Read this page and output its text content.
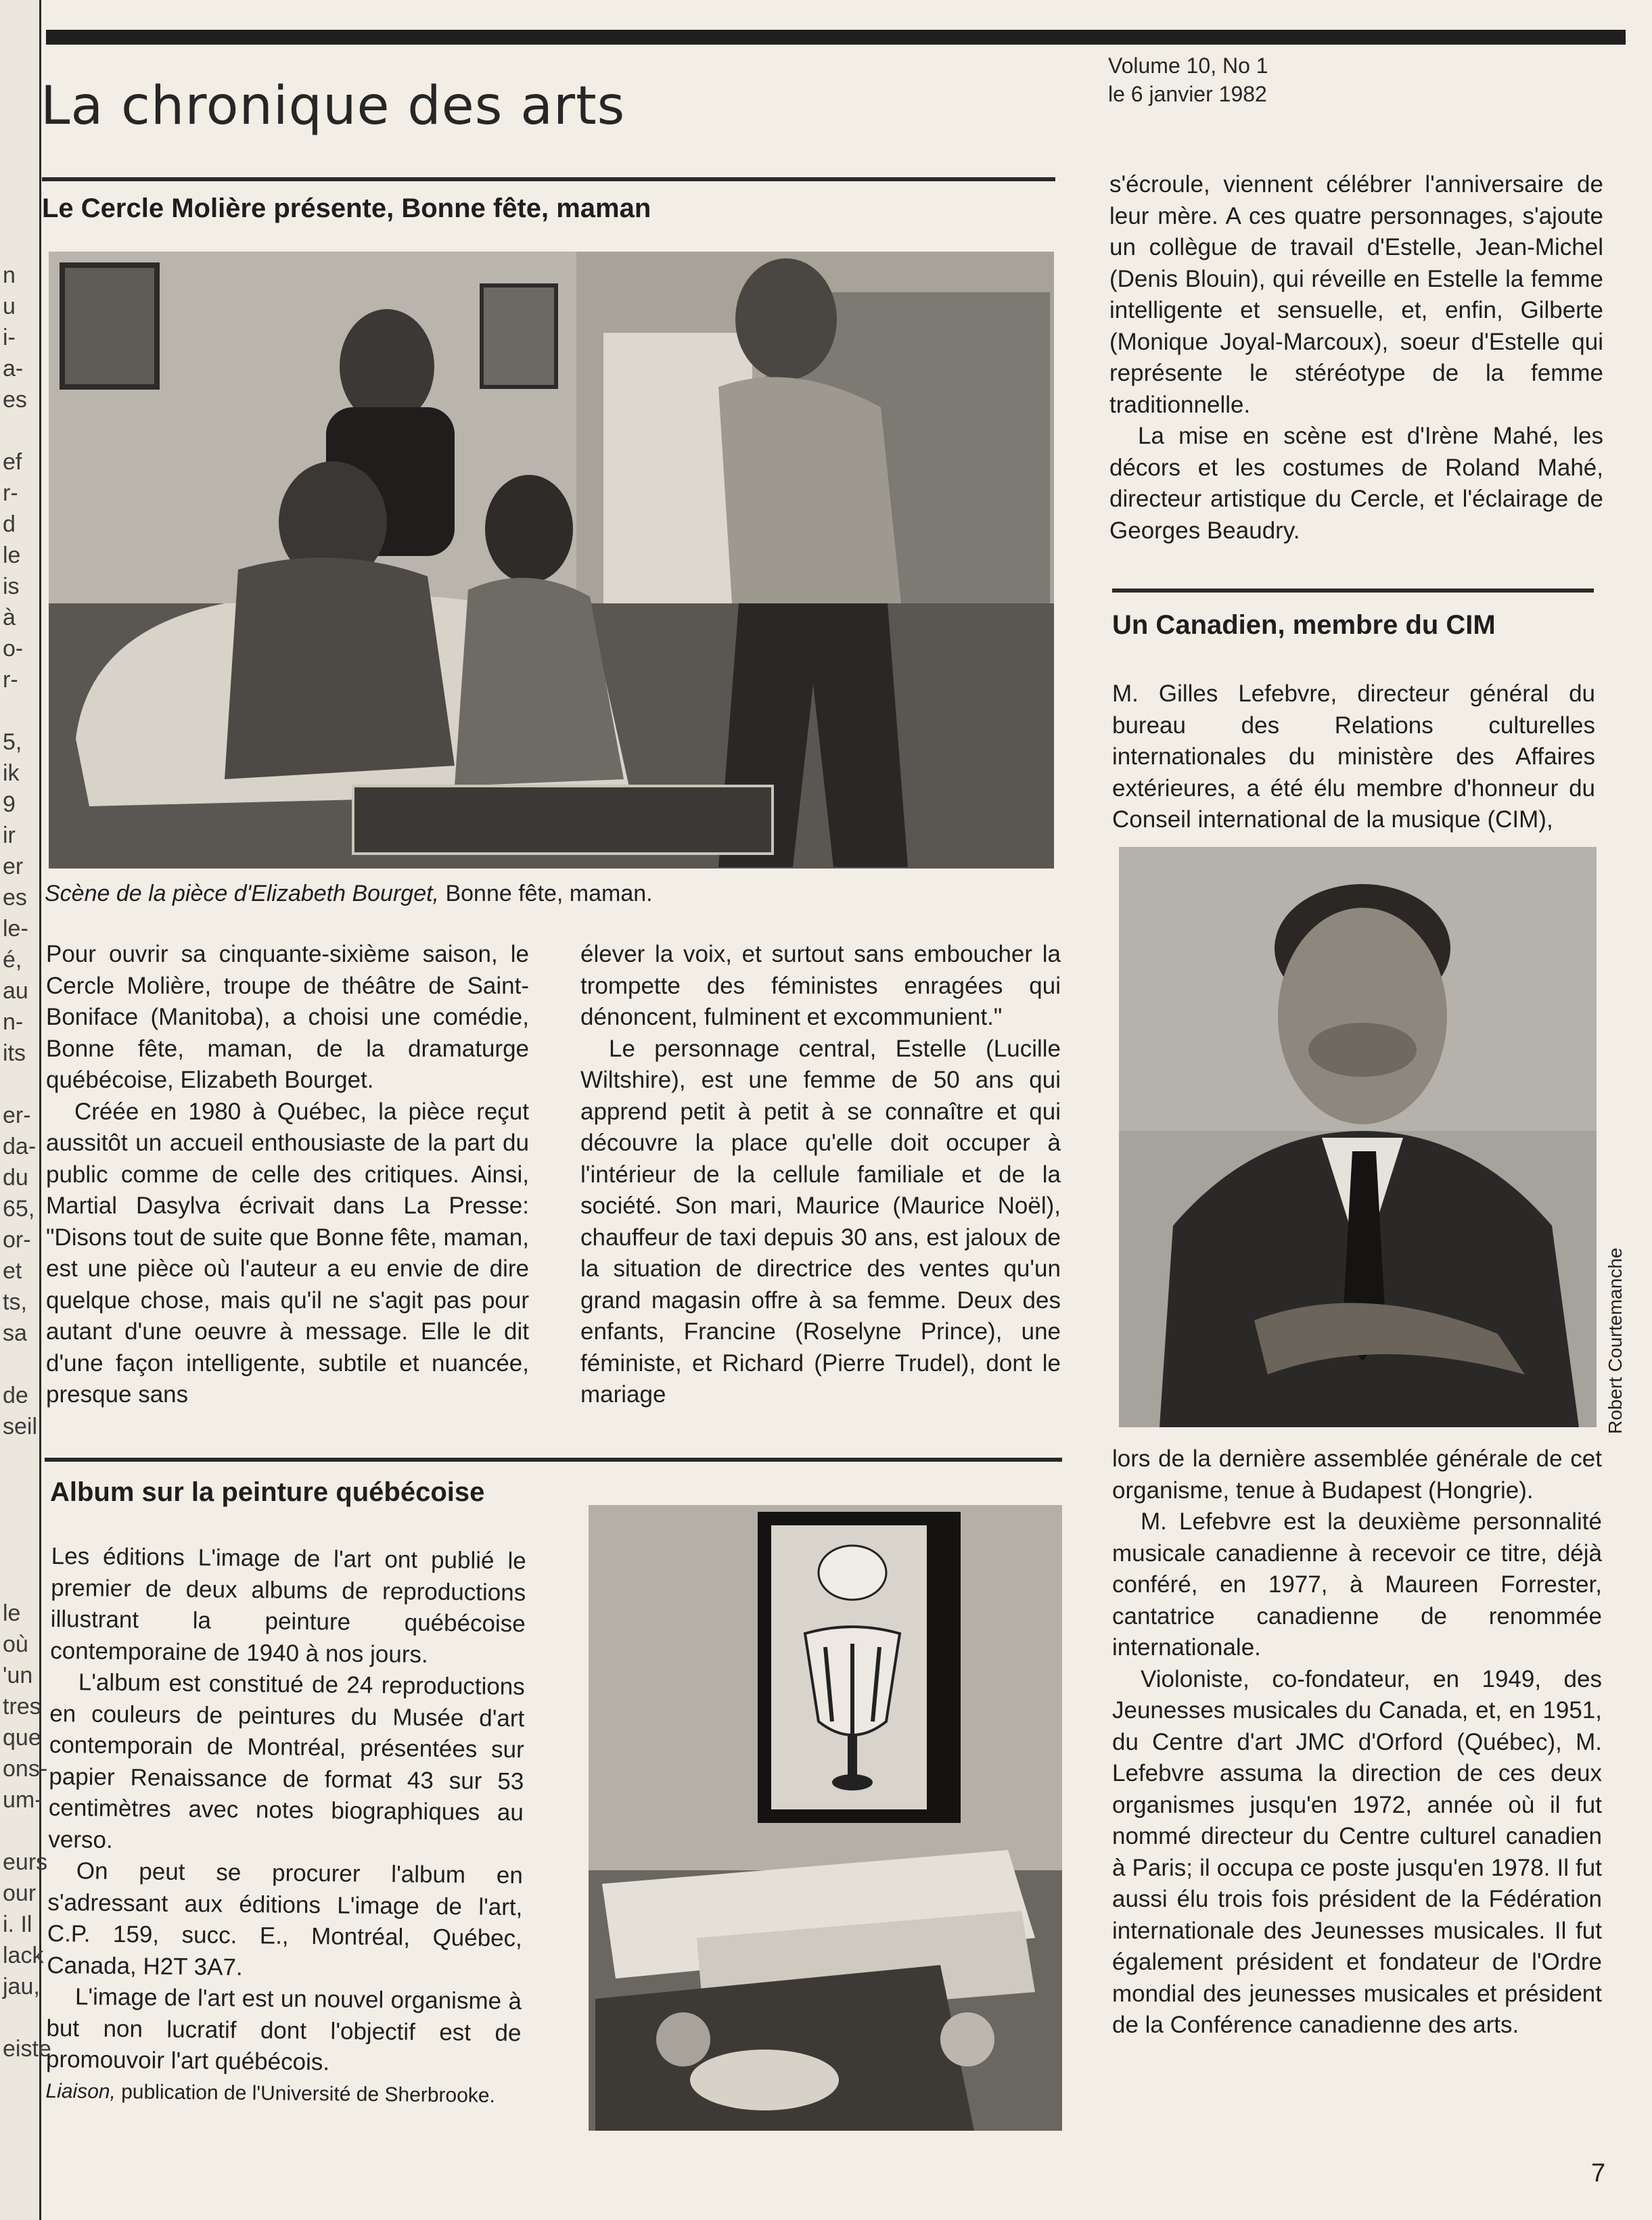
n
u
i-
a-
es
ef
r-
d
le
is
à
o-
r-
5,
ik
9
ir
er
es
le-
é,
au
n-
its
er-
da-
du
65,
or-
et
ts,
sa
de
seil
le
où
'un
tres
que
ons-
um-
eurs
our
i. Il
lack
jau,
eiste
La chronique des arts
Volume 10, No 1
le 6 janvier 1982
Le Cercle Molière présente, Bonne fête, maman
Scène de la pièce d'Elizabeth Bourget, Bonne fête, maman.

Pour ouvrir sa cinquante-sixième saison, le Cercle Molière, troupe de théâtre de Saint-Boniface (Manitoba), a choisi une comédie, Bonne fête, maman, de la dramaturge québécoise, Elizabeth Bourget.

Créée en 1980 à Québec, la pièce reçut aussitôt un accueil enthousiaste de la part du public comme de celle des critiques. Ainsi, Martial Dasylva écrivait dans La Presse: "Disons tout de suite que Bonne fête, maman, est une pièce où l'auteur a eu envie de dire quelque chose, mais qu'il ne s'agit pas pour autant d'une oeuvre à message. Elle le dit d'une façon intelligente, subtile et nuancée, presque sans

élever la voix, et surtout sans emboucher la trompette des féministes enragées qui dénoncent, fulminent et excommunient."

Le personnage central, Estelle (Lucille Wiltshire), est une femme de 50 ans qui apprend petit à petit à se connaître et qui découvre la place qu'elle doit occuper à l'intérieur de la cellule familiale et de la société. Son mari, Maurice (Maurice Noël), chauffeur de taxi depuis 30 ans, est jaloux de la situation de directrice des ventes qu'un grand magasin offre à sa femme. Deux des enfants, Francine (Roselyne Prince), une féministe, et Richard (Pierre Trudel), dont le mariage

s'écroule, viennent célébrer l'anniversaire de leur mère. A ces quatre personnages, s'ajoute un collègue de travail d'Estelle, Jean-Michel (Denis Blouin), qui réveille en Estelle la femme intelligente et sensuelle, et, enfin, Gilberte (Monique Joyal-Marcoux), soeur d'Estelle qui représente le stéréotype de la femme traditionnelle.

La mise en scène est d'Irène Mahé, les décors et les costumes de Roland Mahé, directeur artistique du Cercle, et l'éclairage de Georges Beaudry.

Un Canadien, membre du CIM

M. Gilles Lefebvre, directeur général du bureau des Relations culturelles internationales du ministère des Affaires extérieures, a été élu membre d'honneur du Conseil international de la musique (CIM),

Robert Courtemanche

lors de la dernière assemblée générale de cet organisme, tenue à Budapest (Hongrie).

M. Lefebvre est la deuxième personnalité musicale canadienne à recevoir ce titre, déjà conféré, en 1977, à Maureen Forrester, cantatrice canadienne de renommée internationale.

Violoniste, co-fondateur, en 1949, des Jeunesses musicales du Canada, et, en 1951, du Centre d'art JMC d'Orford (Québec), M. Lefebvre assuma la direction de ces deux organismes jusqu'en 1972, année où il fut nommé directeur du Centre culturel canadien à Paris; il occupa ce poste jusqu'en 1978. Il fut aussi élu trois fois président de la Fédération internationale des Jeunesses musicales. Il fut également président et fondateur de l'Ordre mondial des jeunesses musicales et président de la Conférence canadienne des arts.

Album sur la peinture québécoise

Les éditions L'image de l'art ont publié le premier de deux albums de reproductions illustrant la peinture québécoise contemporaine de 1940 à nos jours.

L'album est constitué de 24 reproductions en couleurs de peintures du Musée d'art contemporain de Montréal, présentées sur papier Renaissance de format 43 sur 53 centimètres avec notes biographiques au verso.

On peut se procurer l'album en s'adressant aux éditions L'image de l'art, C.P. 159, succ. E., Montréal, Québec, Canada, H2T 3A7.

L'image de l'art est un nouvel organisme à but non lucratif dont l'objectif est de promouvoir l'art québécois.

Liaison, publication de l'Université de Sherbrooke.

7
